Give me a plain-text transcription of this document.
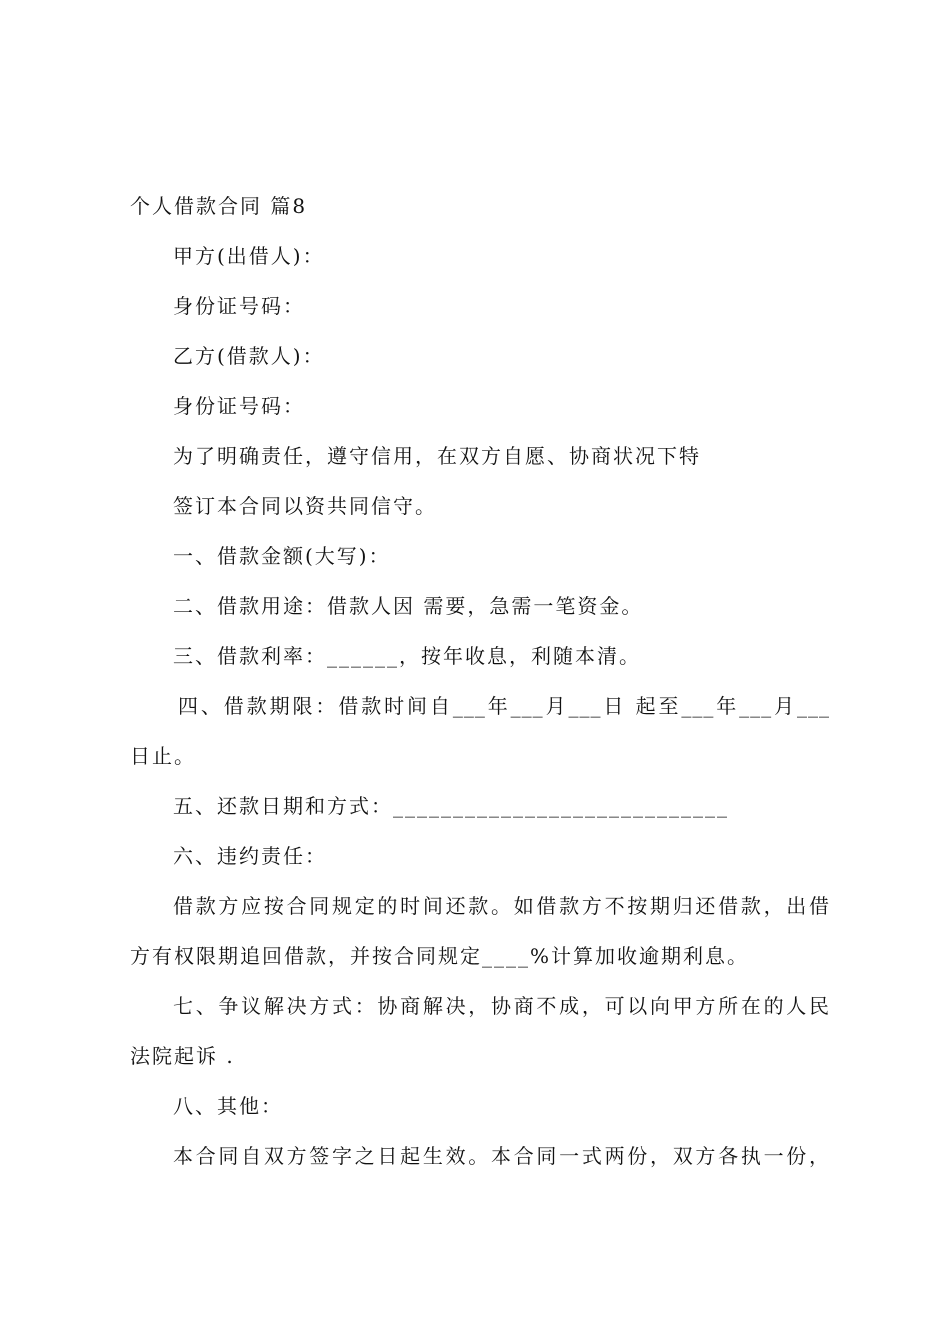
个人借款合同 篇8
甲方(出借人)：
身份证号码：
乙方(借款人)：
身份证号码：
为了明确责任，遵守信用，在双方自愿、协商状况下特
签订本合同以资共同信守。
一、借款金额(大写)：
二、借款用途：借款人因 需要，急需一笔资金。
三、借款利率：______，按年收息，利随本清。
四、借款期限：借款时间自___年___月___日 起至___年___月___
日止。
五、还款日期和方式：____________________________
六、违约责任：
借款方应按合同规定的时间还款。如借款方不按期归还借款，出借
方有权限期追回借款，并按合同规定____%计算加收逾期利息。
七、争议解决方式：协商解决，协商不成，可以向甲方所在的人民
法院起诉 .
八、其他：
本合同自双方签字之日起生效。本合同一式两份，双方各执一份，
